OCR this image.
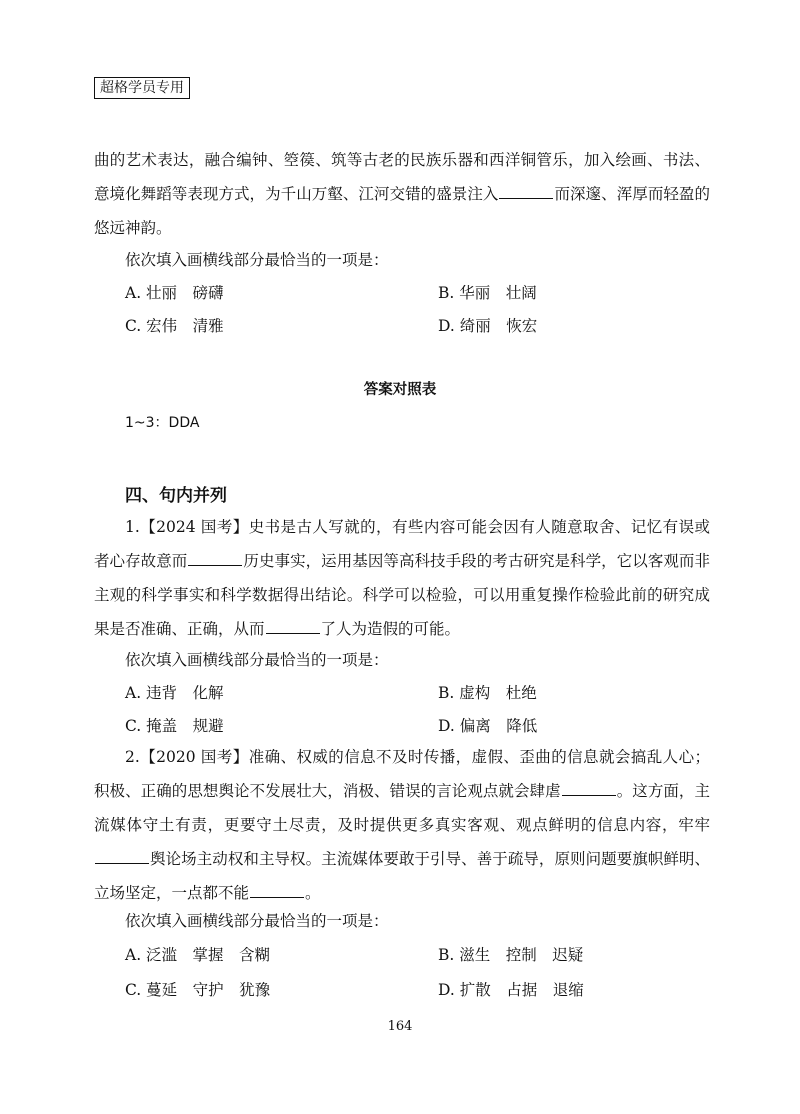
超格学员专用

曲的艺术表达，融合编钟、箜篌、筑等古老的民族乐器和西洋铜管乐，加入绘画、书法、意境化舞蹈等表现方式，为千山万壑、江河交错的盛景注入	而深邃、浑厚而轻盈的悠远神韵。

依次填入画横线部分最恰当的一项是：
A. 壮丽　磅礴	B. 华丽　壮阔
C. 宏伟　清雅	D. 绮丽　恢宏
答案对照表
1~3：DDA
四、句内并列

1.【2024 国考】史书是古人写就的，有些内容可能会因有人随意取舍、记忆有误或者心存故意而	历史事实，运用基因等高科技手段的考古研究是科学，它以客观而非主观的科学事实和科学数据得出结论。科学可以检验，可以用重复操作检验此前的研究成果是否准确、正确，从而	了人为造假的可能。

依次填入画横线部分最恰当的一项是：
A. 违背　化解	B. 虚构　杜绝
C. 掩盖　规避	D. 偏离　降低

2.【2020 国考】准确、权威的信息不及时传播，虚假、歪曲的信息就会搞乱人心；积极、正确的思想舆论不发展壮大，消极、错误的言论观点就会肆虐	。这方面，主流媒体守土有责，更要守土尽责，及时提供更多真实客观、观点鲜明的信息内容，牢牢舆论场主动权和主导权。主流媒体要敢于引导、善于疏导，原则问题要旗帜鲜明、立场坚定，一点都不能	。

依次填入画横线部分最恰当的一项是：
A. 泛滥　掌握　含糊	B. 滋生　控制　迟疑
C. 蔓延　守护　犹豫	D. 扩散　占据　退缩
164
